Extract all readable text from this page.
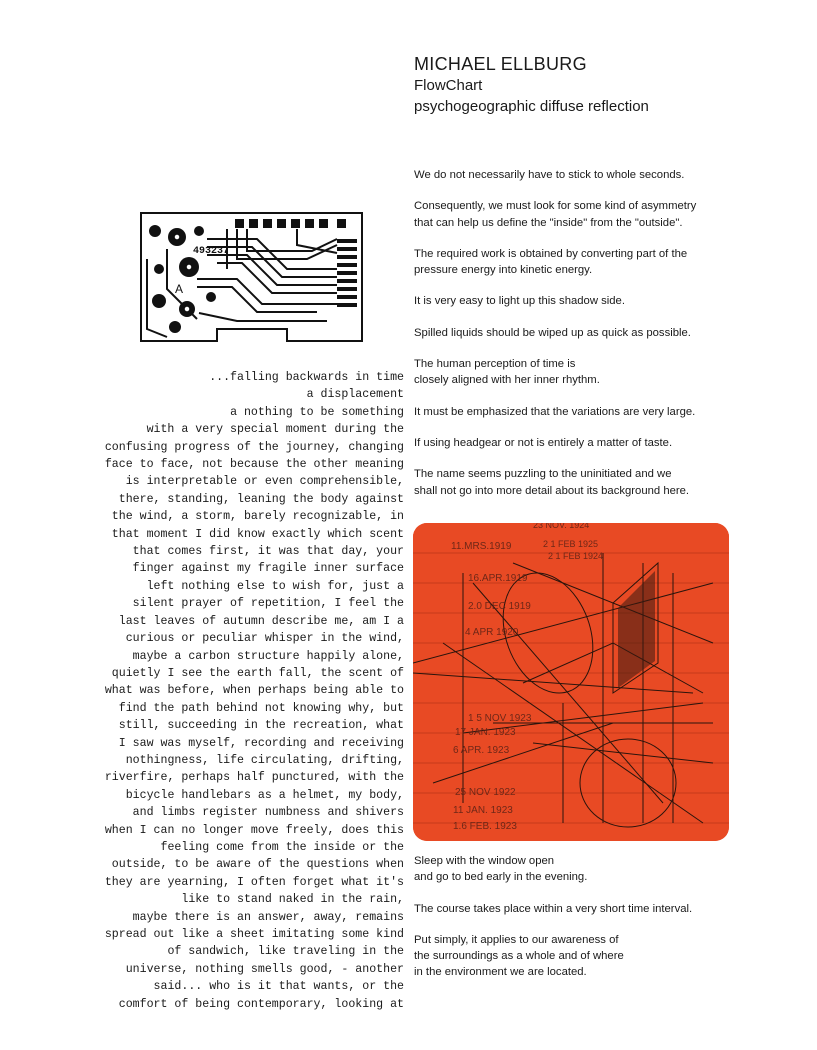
MICHAEL ELLBURG
FlowChart
psychogeographic diffuse reflection

We do not necessarily have to stick to whole seconds.

Consequently, we must look for some kind of asymmetry
that can help us define the "inside" from the "outside".

The required work is obtained by converting part of the
pressure energy into kinetic energy.

It is very easy to light up this shadow side.

Spilled liquids should be wiped up as quick as possible.

The human perception of time is
closely aligned with her inner rhythm.

It must be emphasized that the variations are very large.

If using headgear or not is entirely a matter of taste.

The name seems puzzling to the uninitiated and we
shall not go into more detail about its background here.

493237
A
...falling backwards in time
a displacement
a nothing to be something
with a very special moment during the
confusing progress of the journey, changing
face to face, not because the other meaning
is interpretable or even comprehensible,
there, standing, leaning the body against
the wind, a storm, barely recognizable, in
that moment I did know exactly which scent
that comes first, it was that day, your
finger against my fragile inner surface
left nothing else to wish for, just a
silent prayer of repetition, I feel the
last leaves of autumn describe me, am I a
curious or peculiar whisper in the wind,
maybe a carbon structure happily alone,
quietly I see the earth fall, the scent of
what was before, when perhaps being able to
find the path behind not knowing why, but
still, succeeding in the recreation, what
I saw was myself, recording and receiving
nothingness, life circulating, drifting,
riverfire, perhaps half punctured, with the
bicycle handlebars as a helmet, my body,
and limbs register numbness and shivers
when I can no longer move freely, does this
feeling come from the inside or the
outside, to be aware of the questions when
they are yearning, I often forget what it's
like to stand naked in the rain,
maybe there is an answer, away, remains
spread out like a sheet imitating some kind
of sandwich, like traveling in the
universe, nothing smells good, - another
said... who is it that wants, or the
comfort of being contemporary, looking at
23 NOV. 1924
11.MRS.1919	2 1 FEB 1925
2 1 FEB 1924
16.APR.1919
2.0 DEC 1919
4 APR 1920
1 5 NOV 1923
17 JAN. 1923
6 APR. 1923
25 NOV 1922
11 JAN. 1923
1.6 FEB. 1923

Sleep with the window open
and go to bed early in the evening.

The course takes place within a very short time interval.

Put simply, it applies to our awareness of
the surroundings as a whole and of where
in the environment we are located.
